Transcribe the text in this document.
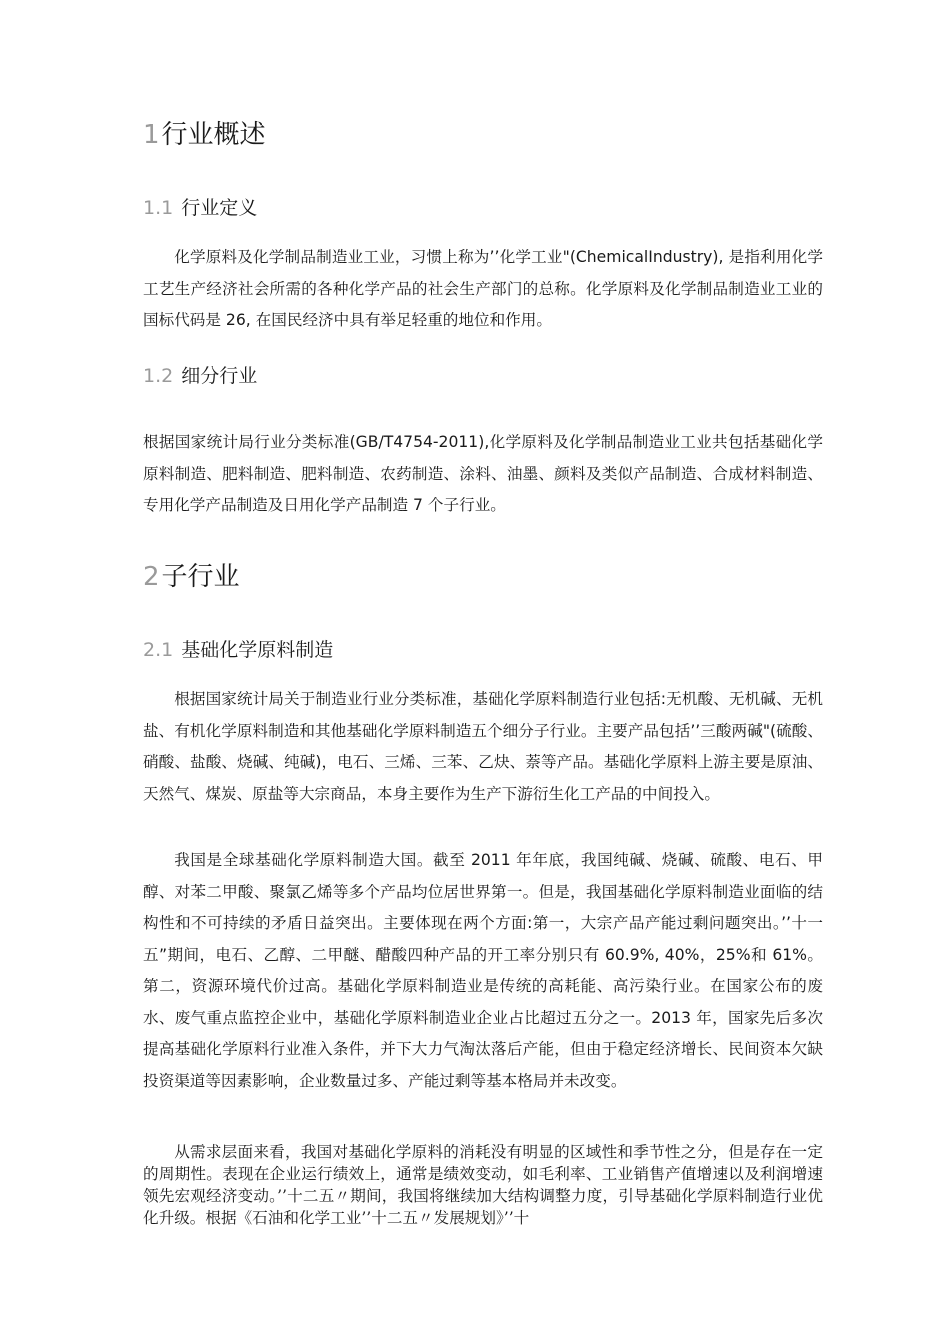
1行业概述
1.1 行业定义

化学原料及化学制品制造业工业，习惯上称为’’化学工业"(ChemicalIndustry), 是指利用化学工艺生产经济社会所需的各种化学产品的社会生产部门的总称。化学原料及化学制品制造业工业的国标代码是 26, 在国民经济中具有举足轻重的地位和作用。

1.2 细分行业

根据国家统计局行业分类标准(GB/T4754-2011),化学原料及化学制品制造业工业共包括基础化学原料制造、肥料制造、肥料制造、农药制造、涂料、油墨、颜料及类似产品制造、合成材料制造、专用化学产品制造及日用化学产品制造 7 个子行业。

2子行业
2.1 基础化学原料制造

根据国家统计局关于制造业行业分类标准，基础化学原料制造行业包括:无机酸、无机碱、无机盐、有机化学原料制造和其他基础化学原料制造五个细分子行业。主要产品包括’’三酸两碱"(硫酸、硝酸、盐酸、烧碱、纯碱)，电石、三烯、三苯、乙炔、萘等产品。基础化学原料上游主要是原油、天然气、煤炭、原盐等大宗商品，本身主要作为生产下游衍生化工产品的中间投入。

我国是全球基础化学原料制造大国。截至 2011 年年底，我国纯碱、烧碱、硫酸、电石、甲醇、对苯二甲酸、聚氯乙烯等多个产品均位居世界第一。但是，我国基础化学原料制造业面临的结构性和不可持续的矛盾日益突出。主要体现在两个方面:第一，大宗产品产能过剩问题突出。’’十一五”期间，电石、乙醇、二甲醚、醋酸四种产品的开工率分别只有 60.9%, 40%，25%和 61%。第二，资源环境代价过高。基础化学原料制造业是传统的高耗能、高污染行业。在国家公布的废水、废气重点监控企业中，基础化学原料制造业企业占比超过五分之一。2013 年，国家先后多次提高基础化学原料行业准入条件，并下大力气淘汰落后产能，但由于稳定经济增长、民间资本欠缺投资渠道等因素影响，企业数量过多、产能过剩等基本格局并未改变。

从需求层面来看，我国对基础化学原料的消耗没有明显的区域性和季节性之分，但是存在一定的周期性。表现在企业运行绩效上，通常是绩效变动，如毛利率、工业销售产值增速以及利润增速领先宏观经济变动。’’十二五〃期间，我国将继续加大结构调整力度，引导基础化学原料制造行业优化升级。根据《石油和化学工业’’十二五〃发展规划》’’十
